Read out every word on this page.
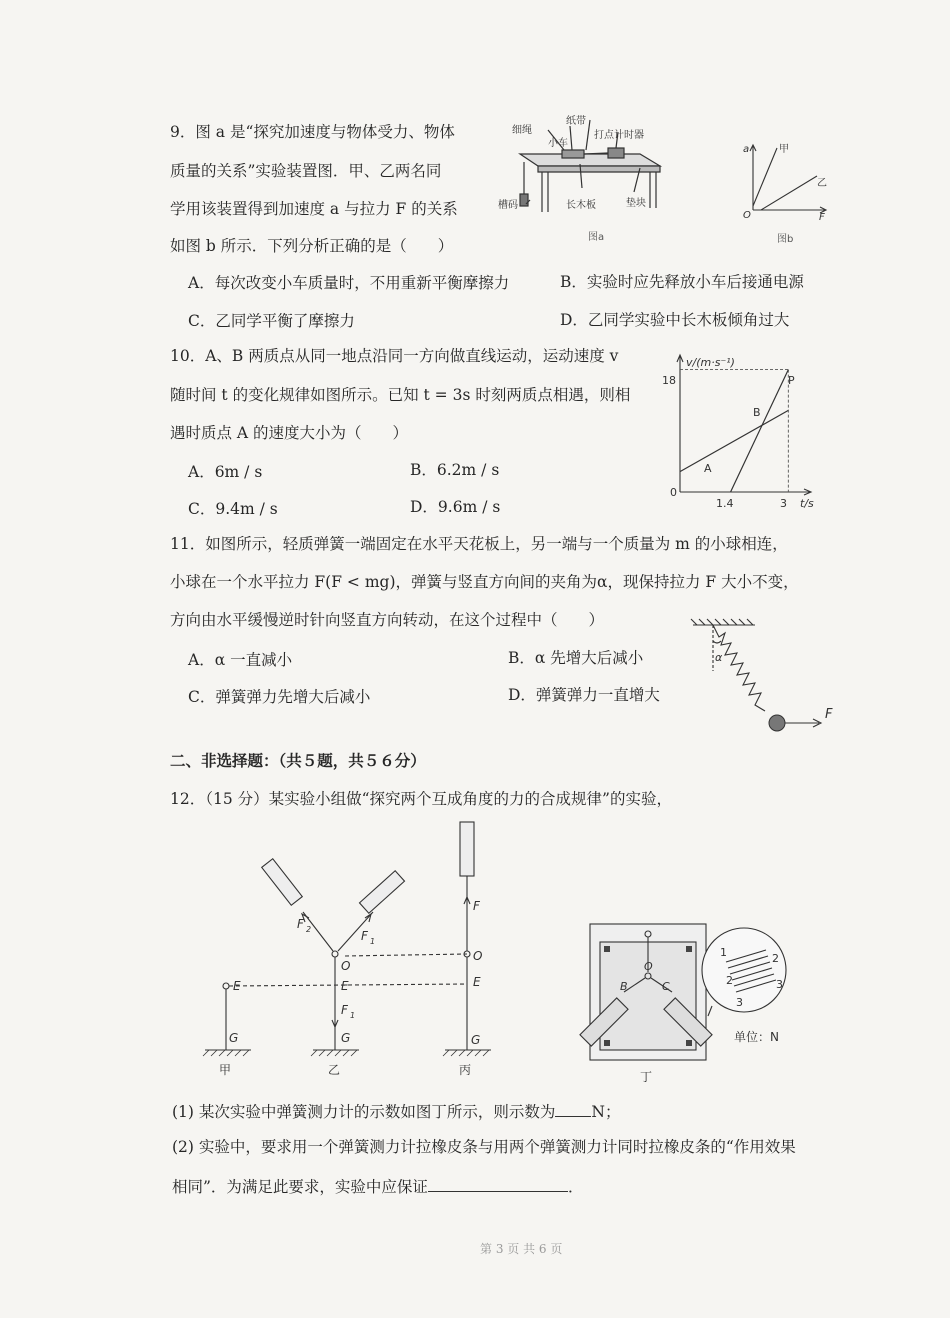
9．图 a 是“探究加速度与物体受力、物体
质量的关系”实验装置图．甲、乙两名同
学用该装置得到加速度 a 与拉力 F 的关系
如图 b 所示．下列分析正确的是（　　）
A．每次改变小车质量时，不用重新平衡摩擦力	B．实验时应先释放小车后接通电源
C．乙同学平衡了摩擦力	D．乙同学实验中长木板倾角过大
细绳
小车
纸带
打点计时器
槽码	长木板	垫块
图a
a	甲
乙
O	F
图b
10．A、B 两质点从同一地点沿同一方向做直线运动，运动速度 v
随时间 t 的变化规律如图所示。已知 t = 3s 时刻两质点相遇，则相
遇时质点 A 的速度大小为（　　）
A．6m / s	B．6.2m / s
C．9.4m / s	D．9.6m / s
v/(m·s⁻¹)
t/s
0
18
1.4	3
P
A
B
11．如图所示，轻质弹簧一端固定在水平天花板上，另一端与一个质量为 m 的小球相连，
小球在一个水平拉力 F(F < mg)，弹簧与竖直方向间的夹角为α，现保持拉力 F 大小不变，
方向由水平缓慢逆时针向竖直方向转动，在这个过程中（　　）
A．α 一直减小	B．α 先增大后减小
C．弹簧弹力先增大后减小	D．弹簧弹力一直增大
α
F
二、非选择题：（共５题，共５６分）
12．（15 分）某实验小组做“探究两个互成角度的力的合成规律”的实验，
E
G
E
O
G
F 1
F 2	F 1
F
O
E
G
甲	乙	丙
B
O
C
1	2
2
3
3
单位：N
丁
(1) 某次实验中弹簧测力计的示数如图丁所示，则示数为 N；
(2) 实验中，要求用一个弹簧测力计拉橡皮条与用两个弹簧测力计同时拉橡皮条的“作用效果
相同”．为满足此要求，实验中应保证	．
第 3 页 共 6 页
